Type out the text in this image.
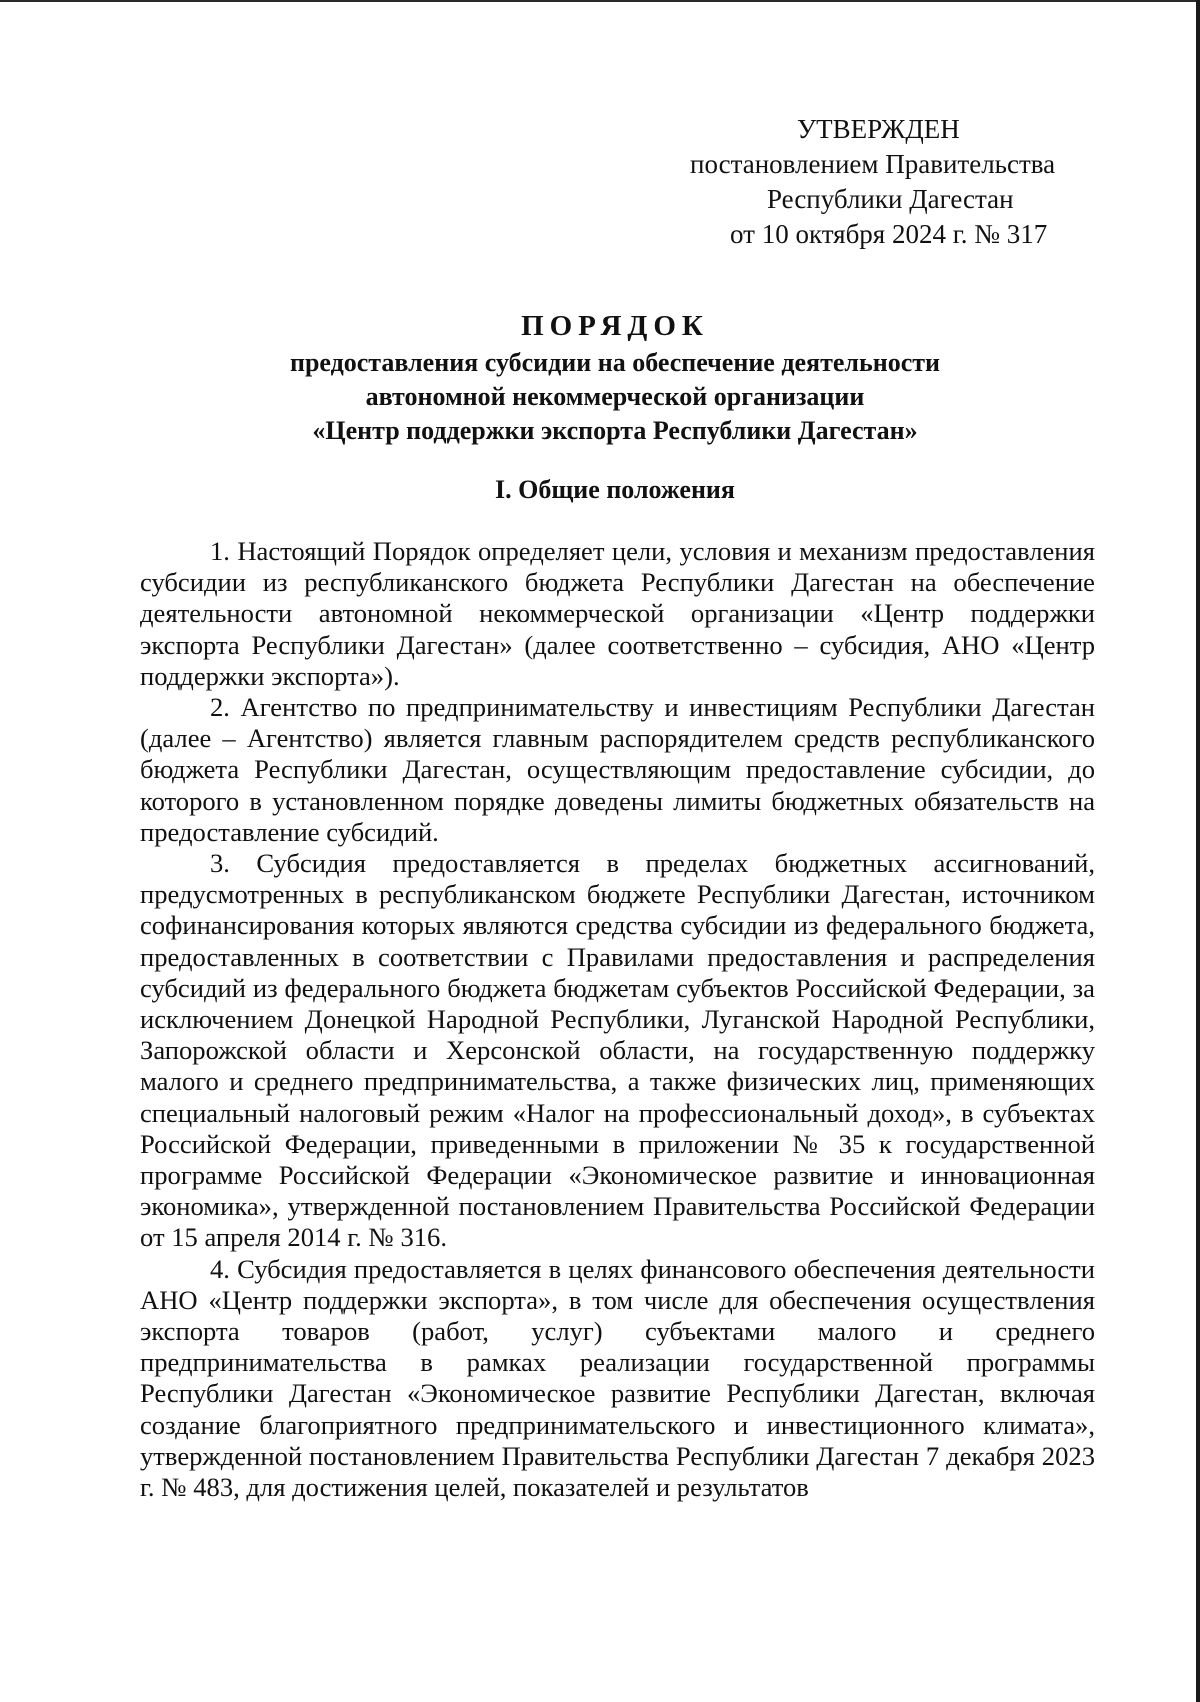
УТВЕРЖДЕН
постановлением Правительства
Республики Дагестан
от 10 октября 2024 г. № 317
ПОРЯДОК
предоставления субсидии на обеспечение деятельности
автономной некоммерческой организации
«Центр поддержки экспорта Республики Дагестан»
I. Общие положения

1. Настоящий Порядок определяет цели, условия и механизм предоставления субсидии из республиканского бюджета Республики Дагестан на обеспечение деятельности автономной некоммерческой организации «Центр поддержки экспорта Республики Дагестан» (далее соответственно – субсидия, АНО «Центр поддержки экспорта»).

2. Агентство по предпринимательству и инвестициям Республики Дагестан (далее – Агентство) является главным распорядителем средств республиканского бюджета Республики Дагестан, осуществляющим предоставление субсидии, до которого в установленном порядке доведены лимиты бюджетных обязательств на предоставление субсидий.

3. Субсидия предоставляется в пределах бюджетных ассигнований, предусмотренных в республиканском бюджете Республики Дагестан, источником софинансирования которых являются средства субсидии из федерального бюджета, предоставленных в соответствии с Правилами предоставления и распределения субсидий из федерального бюджета бюджетам субъектов Российской Федерации, за исключением Донецкой Народной Республики, Луганской Народной Республики, Запорожской области и Херсонской области, на государственную поддержку малого и среднего предпринимательства, а также физических лиц, применяющих специальный налоговый режим «Налог на профессиональный доход», в субъектах Российской Федерации, приведенными в приложении № 35 к государственной программе Российской Федерации «Экономическое развитие и инновационная экономика», утвержденной постановлением Правительства Российской Федерации от 15 апреля 2014 г. № 316.

4. Субсидия предоставляется в целях финансового обеспечения деятельности АНО «Центр поддержки экспорта», в том числе для обеспечения осуществления экспорта товаров (работ, услуг) субъектами малого и среднего предпринимательства в рамках реализации государственной программы Республики Дагестан «Экономическое развитие Республики Дагестан, включая создание благоприятного предпринимательского и инвестиционного климата», утвержденной постановлением Правительства Республики Дагестан 7 декабря 2023 г. № 483, для достижения целей, показателей и результатов
